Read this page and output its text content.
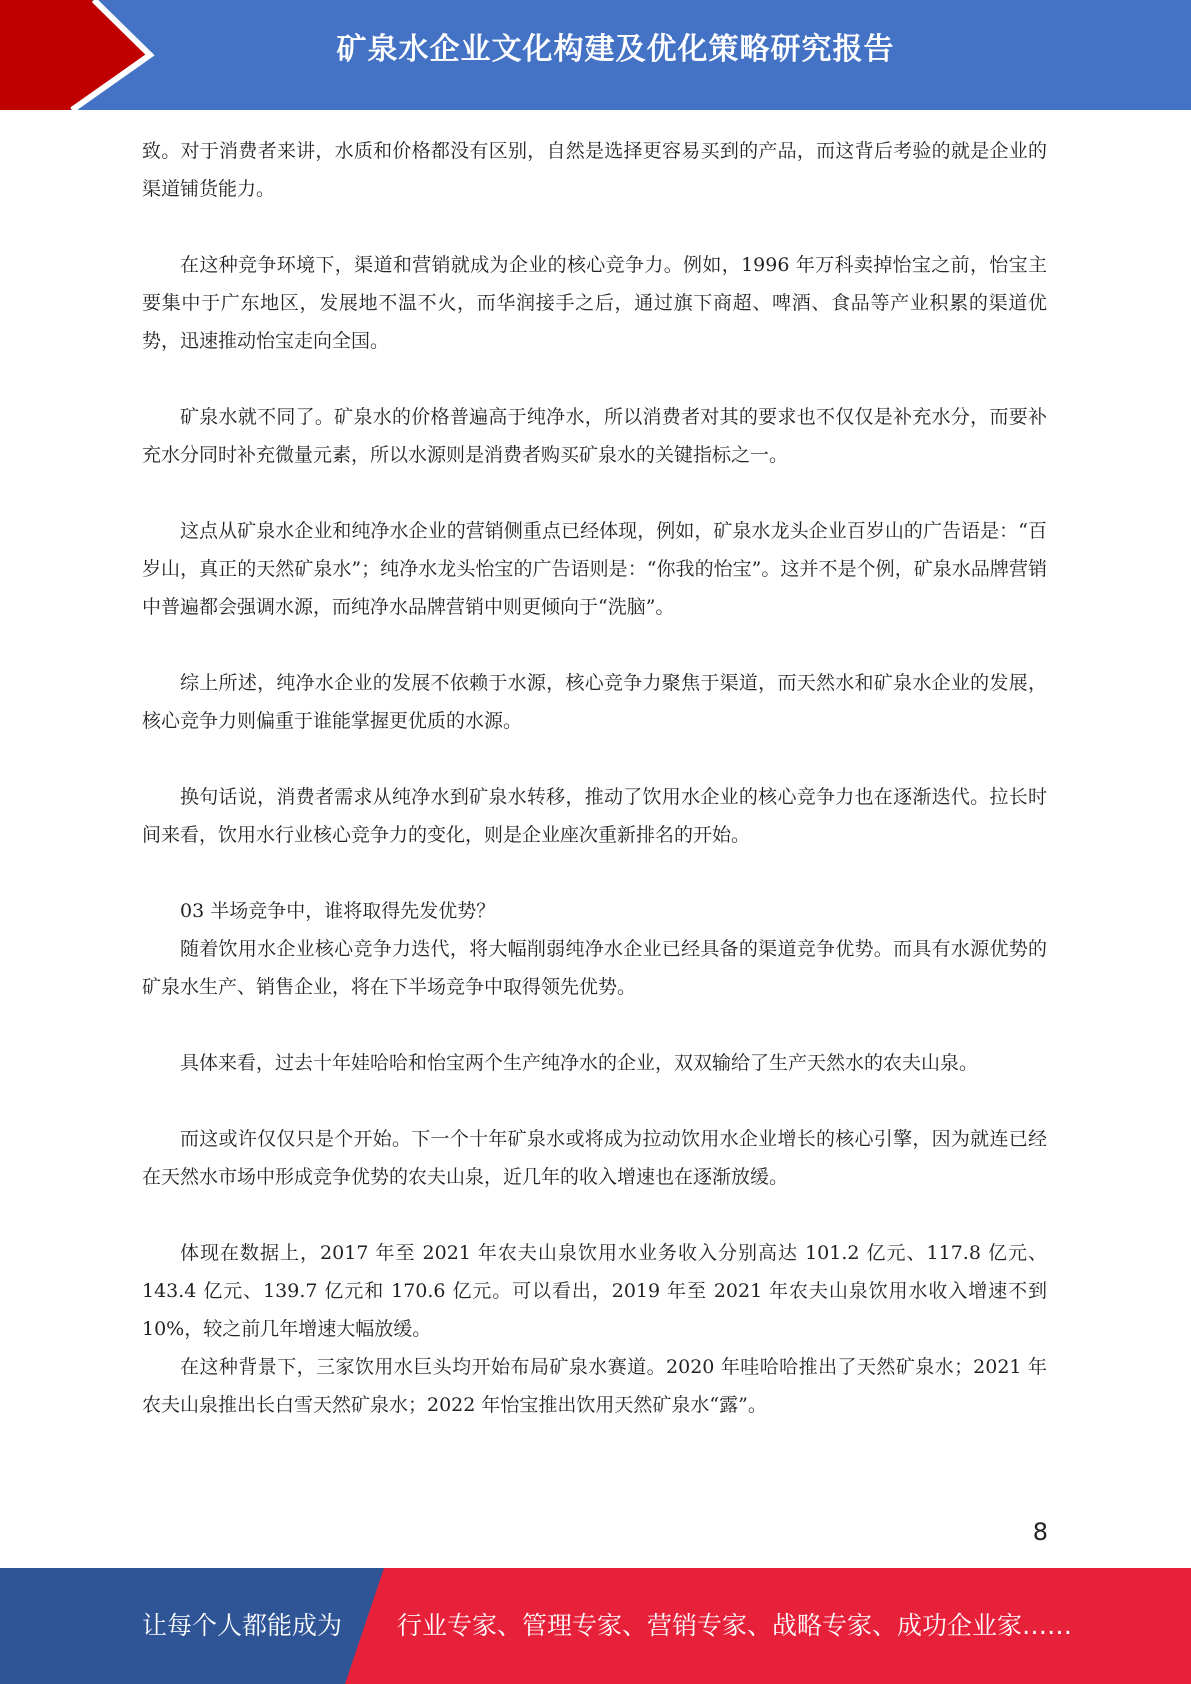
矿泉水企业文化构建及优化策略研究报告

致。对于消费者来讲，水质和价格都没有区别，自然是选择更容易买到的产品，而这背后考验的就是企业的渠道铺货能力。

在这种竞争环境下，渠道和营销就成为企业的核心竞争力。例如，1996 年万科卖掉怡宝之前，怡宝主要集中于广东地区，发展地不温不火，而华润接手之后，通过旗下商超、啤酒、食品等产业积累的渠道优势，迅速推动怡宝走向全国。

矿泉水就不同了。矿泉水的价格普遍高于纯净水，所以消费者对其的要求也不仅仅是补充水分，而要补充水分同时补充微量元素，所以水源则是消费者购买矿泉水的关键指标之一。

这点从矿泉水企业和纯净水企业的营销侧重点已经体现，例如，矿泉水龙头企业百岁山的广告语是：“百岁山，真正的天然矿泉水”；纯净水龙头怡宝的广告语则是：“你我的怡宝”。这并不是个例，矿泉水品牌营销中普遍都会强调水源，而纯净水品牌营销中则更倾向于“洗脑”。

综上所述，纯净水企业的发展不依赖于水源，核心竞争力聚焦于渠道，而天然水和矿泉水企业的发展，核心竞争力则偏重于谁能掌握更优质的水源。

换句话说，消费者需求从纯净水到矿泉水转移，推动了饮用水企业的核心竞争力也在逐渐迭代。拉长时间来看，饮用水行业核心竞争力的变化，则是企业座次重新排名的开始。

03 半场竞争中，谁将取得先发优势？

随着饮用水企业核心竞争力迭代，将大幅削弱纯净水企业已经具备的渠道竞争优势。而具有水源优势的矿泉水生产、销售企业，将在下半场竞争中取得领先优势。

具体来看，过去十年娃哈哈和怡宝两个生产纯净水的企业，双双输给了生产天然水的农夫山泉。

而这或许仅仅只是个开始。下一个十年矿泉水或将成为拉动饮用水企业增长的核心引擎，因为就连已经在天然水市场中形成竞争优势的农夫山泉，近几年的收入增速也在逐渐放缓。

体现在数据上，2017 年至 2021 年农夫山泉饮用水业务收入分别高达 101.2 亿元、117.8 亿元、143.4 亿元、139.7 亿元和 170.6 亿元。可以看出，2019 年至 2021 年农夫山泉饮用水收入增速不到 10%，较之前几年增速大幅放缓。

在这种背景下，三家饮用水巨头均开始布局矿泉水赛道。2020 年哇哈哈推出了天然矿泉水；2021 年农夫山泉推出长白雪天然矿泉水；2022 年怡宝推出饮用天然矿泉水“露”。

8
让每个人都能成为 行业专家、管理专家、营销专家、战略专家、成功企业家……
